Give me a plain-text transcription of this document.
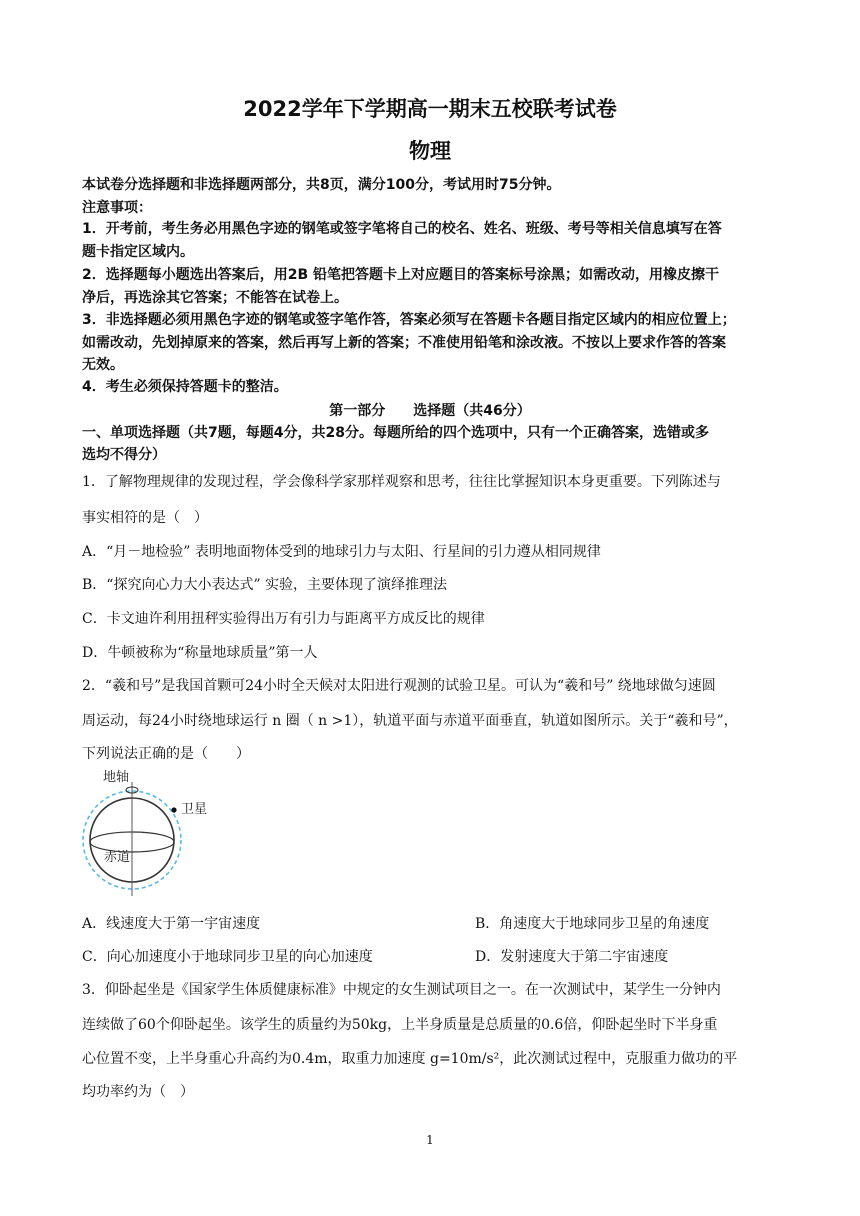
2022学年下学期高一期末五校联考试卷
物理
本试卷分选择题和非选择题两部分，共8页，满分100分，考试用时75分钟。
注意事项：
1．开考前，考生务必用黑色字迹的钢笔或签字笔将自己的校名、姓名、班级、考号等相关信息填写在答
题卡指定区域内。
2．选择题每小题选出答案后，用2B 铅笔把答题卡上对应题目的答案标号涂黑；如需改动，用橡皮擦干
净后，再选涂其它答案；不能答在试卷上。
3．非选择题必须用黑色字迹的钢笔或签字笔作答，答案必须写在答题卡各题目指定区域内的相应位置上；
如需改动，先划掉原来的答案，然后再写上新的答案；不准使用铅笔和涂改液。不按以上要求作答的答案
无效。
4．考生必须保持答题卡的整洁。
第一部分　　选择题（共46分）
一、单项选择题（共7题，每题4分，共28分。每题所给的四个选项中，只有一个正确答案，选错或多
选均不得分）
1．了解物理规律的发现过程，学会像科学家那样观察和思考，往往比掌握知识本身更重要。下列陈述与
事实相符的是（　）
A．“月－地检验” 表明地面物体受到的地球引力与太阳、行星间的引力遵从相同规律
B．“探究向心力大小表达式” 实验，主要体现了演绎推理法
C．卡文迪许利用扭秤实验得出万有引力与距离平方成反比的规律
D．牛顿被称为“称量地球质量”第一人
2．“羲和号”是我国首颗可24小时全天候对太阳进行观测的试验卫星。可认为“羲和号” 绕地球做匀速圆
周运动，每24小时绕地球运行 n 圈（ n >1），轨道平面与赤道平面垂直，轨道如图所示。关于“羲和号”，
下列说法正确的是（　　）
地轴
卫星
赤道
A．线速度大于第一宇宙速度	B．角速度大于地球同步卫星的角速度
C．向心加速度小于地球同步卫星的向心加速度	D．发射速度大于第二宇宙速度
3．仰卧起坐是《国家学生体质健康标准》中规定的女生测试项目之一。在一次测试中，某学生一分钟内
连续做了60个仰卧起坐。该学生的质量约为50kg，上半身质量是总质量的0.6倍，仰卧起坐时下半身重
心位置不变，上半身重心升高约为0.4m，取重力加速度 g=10m/s²，此次测试过程中，克服重力做功的平
均功率约为（　）
1
